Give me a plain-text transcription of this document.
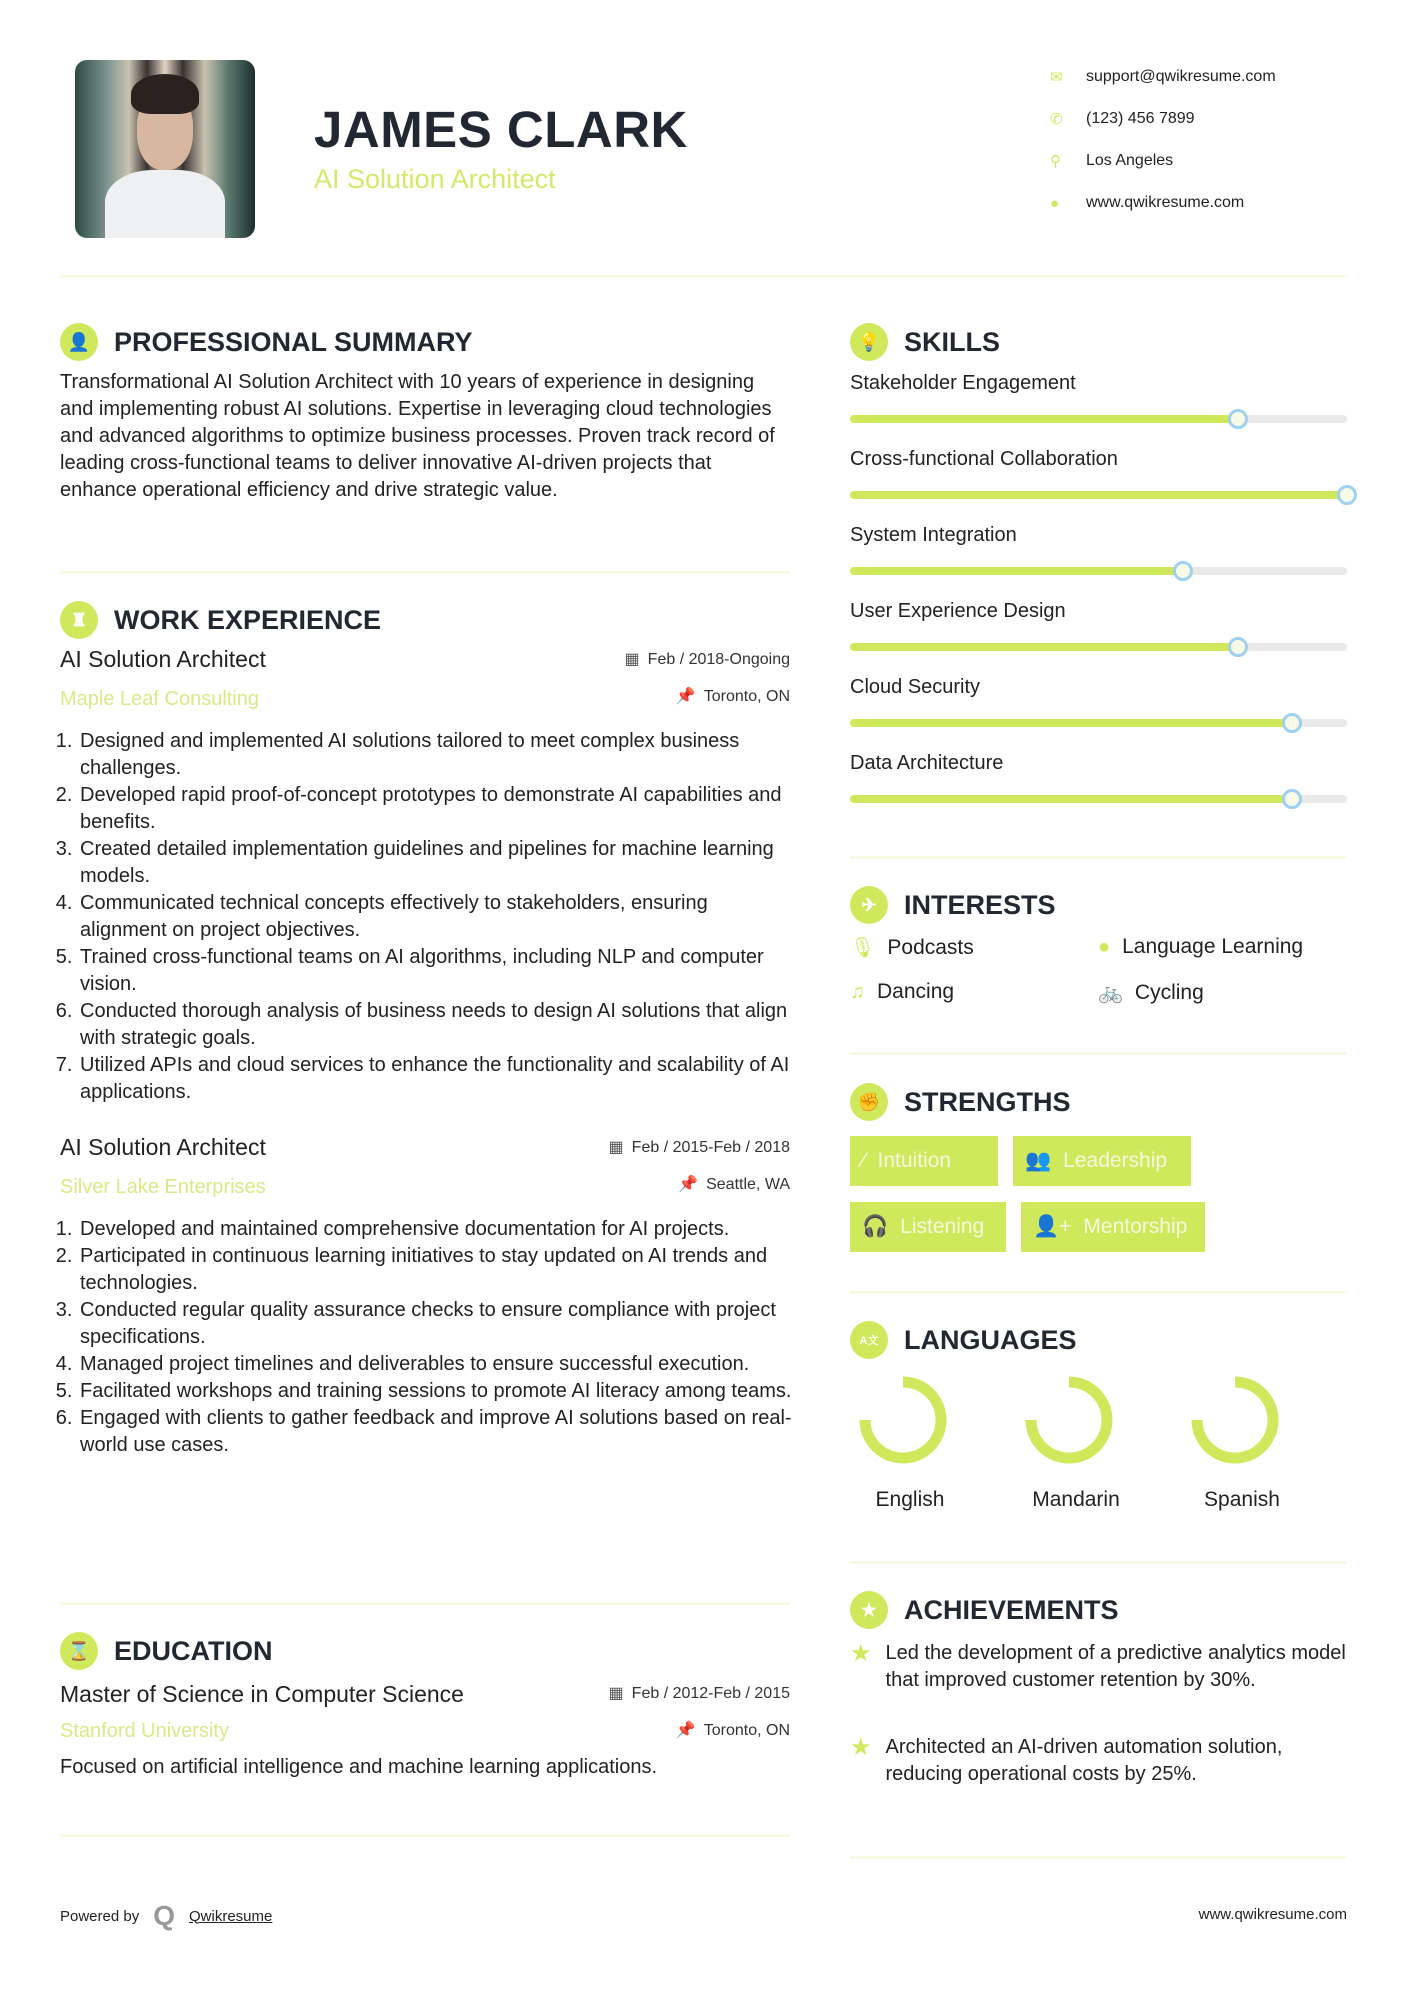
JAMES CLARK
AI Solution Architect
✉	support@qwikresume.com
✆	(123) 456 7899
⚲	Los Angeles
●	www.qwikresume.com
👤 PROFESSIONAL SUMMARY
Transformational AI Solution Architect with 10 years of experience in designing and implementing robust AI solutions. Expertise in leveraging cloud technologies and advanced algorithms to optimize business processes. Proven track record of leading cross-functional teams to deliver innovative AI-driven projects that enhance operational efficiency and drive strategic value.
♜ WORK EXPERIENCE
AI Solution Architect	▦ Feb / 2018-Ongoing
Maple Leaf Consulting	📌 Toronto, ON
1. Designed and implemented AI solutions tailored to meet complex business challenges.
2. Developed rapid proof-of-concept prototypes to demonstrate AI capabilities and benefits.
3. Created detailed implementation guidelines and pipelines for machine learning models.
4. Communicated technical concepts effectively to stakeholders, ensuring alignment on project objectives.
5. Trained cross-functional teams on AI algorithms, including NLP and computer vision.
6. Conducted thorough analysis of business needs to design AI solutions that align with strategic goals.
7. Utilized APIs and cloud services to enhance the functionality and scalability of AI applications.
AI Solution Architect	▦ Feb / 2015-Feb / 2018
Silver Lake Enterprises	📌 Seattle, WA
1. Developed and maintained comprehensive documentation for AI projects.
2. Participated in continuous learning initiatives to stay updated on AI trends and technologies.
3. Conducted regular quality assurance checks to ensure compliance with project specifications.
4. Managed project timelines and deliverables to ensure successful execution.
5. Facilitated workshops and training sessions to promote AI literacy among teams.
6. Engaged with clients to gather feedback and improve AI solutions based on real-world use cases.
⌛ EDUCATION
Master of Science in Computer Science	▦ Feb / 2012-Feb / 2015
Stanford University	📌 Toronto, ON
Focused on artificial intelligence and machine learning applications.
💡 SKILLS
Stakeholder Engagement
Cross-functional Collaboration
System Integration
User Experience Design
Cloud Security
Data Architecture
✈	INTERESTS
🎙 Podcasts	● Language Learning
♫ Dancing	🚲 Cycling
✊ STRENGTHS
⁄ Intuition	👥 Leadership
🎧 Listening 👤+ Mentorship
A文 LANGUAGES
English	Mandarin	Spanish
★ ACHIEVEMENTS
★ Led the development of a predictive analytics model that improved customer retention by 30%.
★ Architected an AI-driven automation solution, reducing operational costs by 25%.
Powered by Q Qwikresume	www.qwikresume.com
